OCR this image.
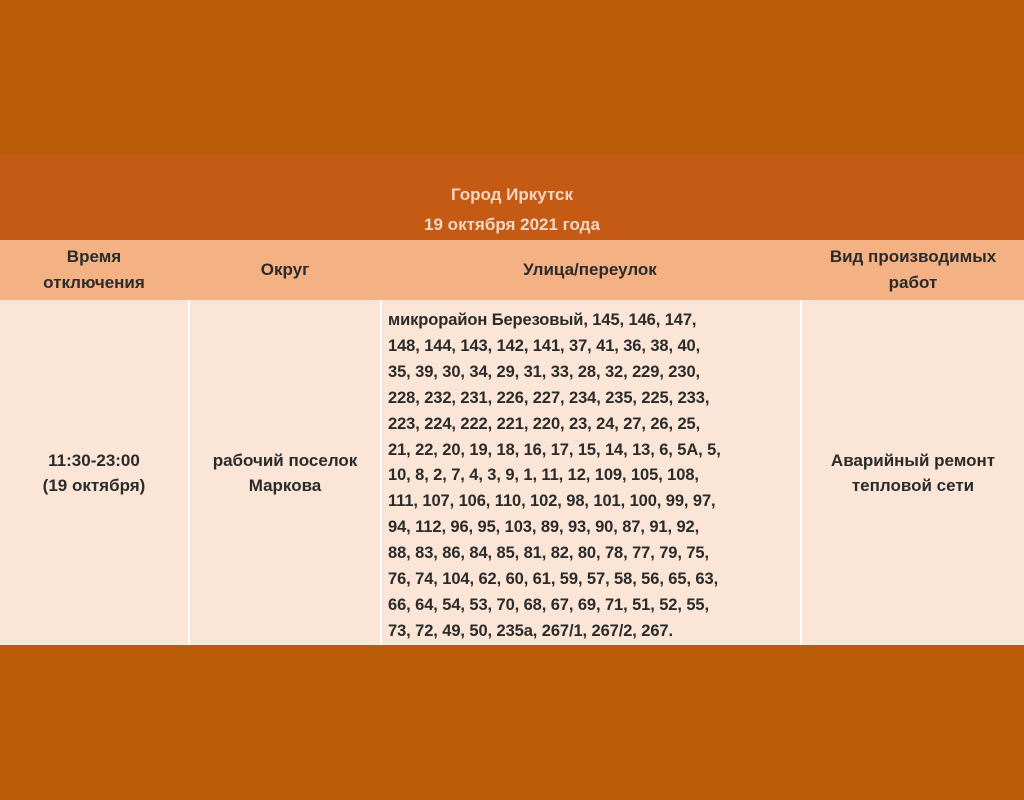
Город Иркутск
19 октября 2021 года
Время отключения
Округ	Улица/переулок
Вид производимых работ
11:30-23:00
(19 октября)
рабочий поселок
Маркова
микрорайон Березовый, 145, 146, 147,
148, 144, 143, 142, 141, 37, 41, 36, 38, 40,
35, 39, 30, 34, 29, 31, 33, 28, 32, 229, 230,
228, 232, 231, 226, 227, 234, 235, 225, 233,
223, 224, 222, 221, 220, 23, 24, 27, 26, 25,
21, 22, 20, 19, 18, 16, 17, 15, 14, 13, 6, 5А, 5,
10, 8, 2, 7, 4, 3, 9, 1, 11, 12, 109, 105, 108,
111, 107, 106, 110, 102, 98, 101, 100, 99, 97,
94, 112, 96, 95, 103, 89, 93, 90, 87, 91, 92,
88, 83, 86, 84, 85, 81, 82, 80, 78, 77, 79, 75,
76, 74, 104, 62, 60, 61, 59, 57, 58, 56, 65, 63,
66, 64, 54, 53, 70, 68, 67, 69, 71, 51, 52, 55,
73, 72, 49, 50, 235а, 267/1, 267/2, 267.
Аварийный ремонт
тепловой сети
